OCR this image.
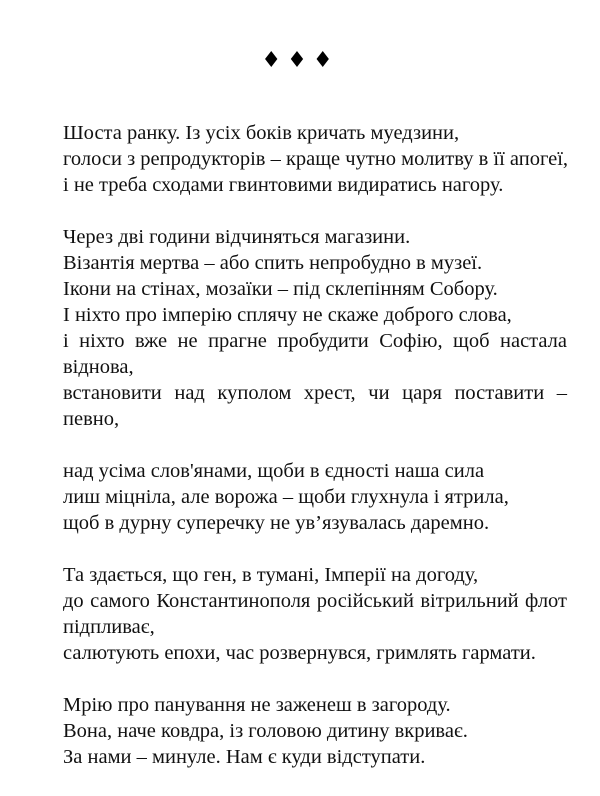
♦♦♦
Шоста ранку. Із усіх боків кричать муедзини,
голоси з репродукторів – краще чутно молитву в її апогеї,
і не треба сходами гвинтовими видиратись нагору.
Через дві години відчиняться магазини.
Візантія мертва – або спить непробудно в музеї.
Ікони на стінах, мозаїки – під склепінням Собору.
І ніхто про імперію сплячу не скаже доброго слова,
і ніхто вже не прагне пробудити Софію, щоб настала віднова,
встановити над куполом хрест, чи царя поставити – певно,
над усіма слов'янами, щоби в єдності наша сила
лиш міцніла, але ворожа – щоби глухнула і ятрила,
щоб в дурну суперечку не ув’язувалась даремно.
Та здається, що ген, в тумані, Імперії на догоду,
до самого Константинополя російський вітрильний флот підпливає,
салютують епохи, час розвернувся, гримлять гармати.
Мрію про панування не заженеш в загороду.
Вона, наче ковдра, із головою дитину вкриває.
За нами – минуле. Нам є куди відступати.
